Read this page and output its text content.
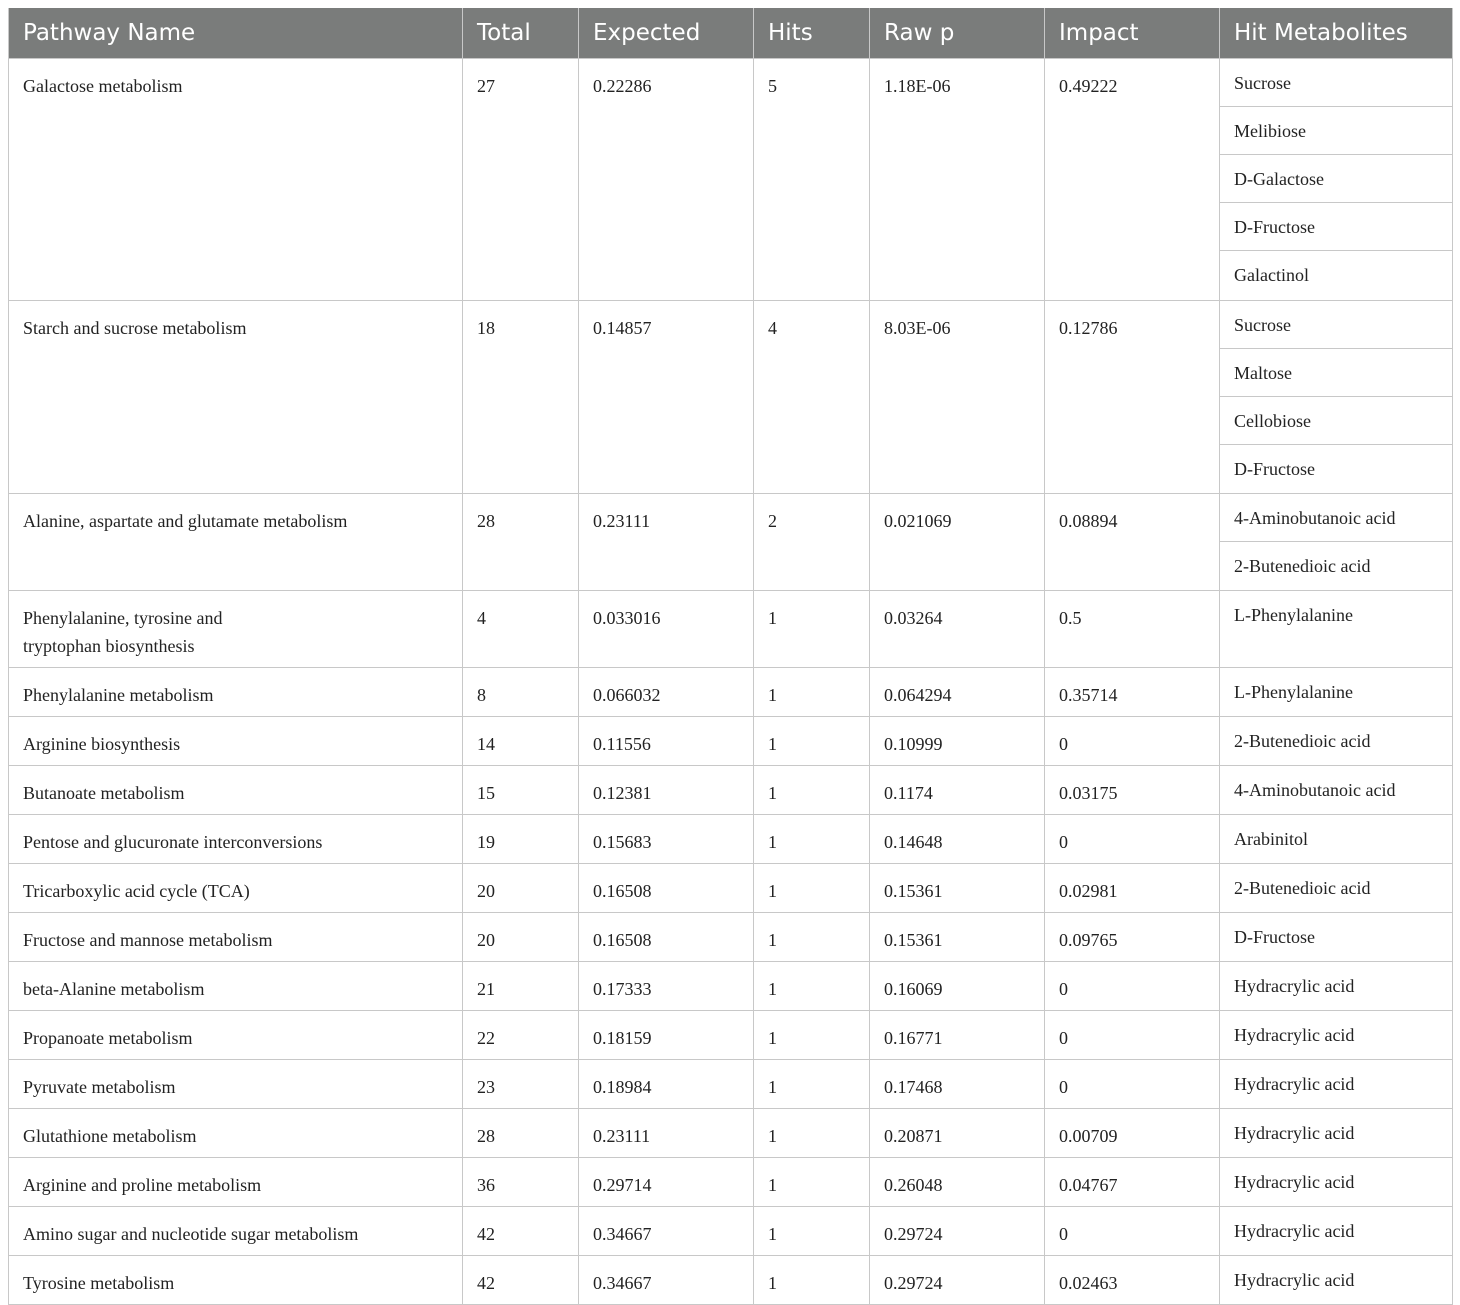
Pathway Name	Total	Expected	Hits	Raw p	Impact	Hit Metabolites
Galactose metabolism	27	0.22286	5	1.18E-06	0.49222	Sucrose
Melibiose
D-Galactose
D-Fructose
Galactinol

Starch and sucrose metabolism	18	0.14857	4	8.03E-06	0.12786	Sucrose
Maltose
Cellobiose
D-Fructose

Alanine, aspartate and glutamate metabolism	28	0.23111	2	0.021069	0.08894	4-Aminobutanoic acid
2-Butenedioic acid

Phenylalanine, tyrosine and
tryptophan biosynthesis	4	0.033016	1	0.03264	0.5	L-Phenylalanine

Phenylalanine metabolism	8	0.066032	1	0.064294	0.35714	L-Phenylalanine

Arginine biosynthesis	14	0.11556	1	0.10999	0	2-Butenedioic acid

Butanoate metabolism	15	0.12381	1	0.1174	0.03175	4-Aminobutanoic acid

Pentose and glucuronate interconversions	19	0.15683	1	0.14648	0	Arabinitol

Tricarboxylic acid cycle (TCA)	20	0.16508	1	0.15361	0.02981	2-Butenedioic acid

Fructose and mannose metabolism	20	0.16508	1	0.15361	0.09765	D-Fructose

beta-Alanine metabolism	21	0.17333	1	0.16069	0	Hydracrylic acid

Propanoate metabolism	22	0.18159	1	0.16771	0	Hydracrylic acid

Pyruvate metabolism	23	0.18984	1	0.17468	0	Hydracrylic acid

Glutathione metabolism	28	0.23111	1	0.20871	0.00709	Hydracrylic acid

Arginine and proline metabolism	36	0.29714	1	0.26048	0.04767	Hydracrylic acid

Amino sugar and nucleotide sugar metabolism	42	0.34667	1	0.29724	0	Hydracrylic acid

Tyrosine metabolism	42	0.34667	1	0.29724	0.02463	Hydracrylic acid
